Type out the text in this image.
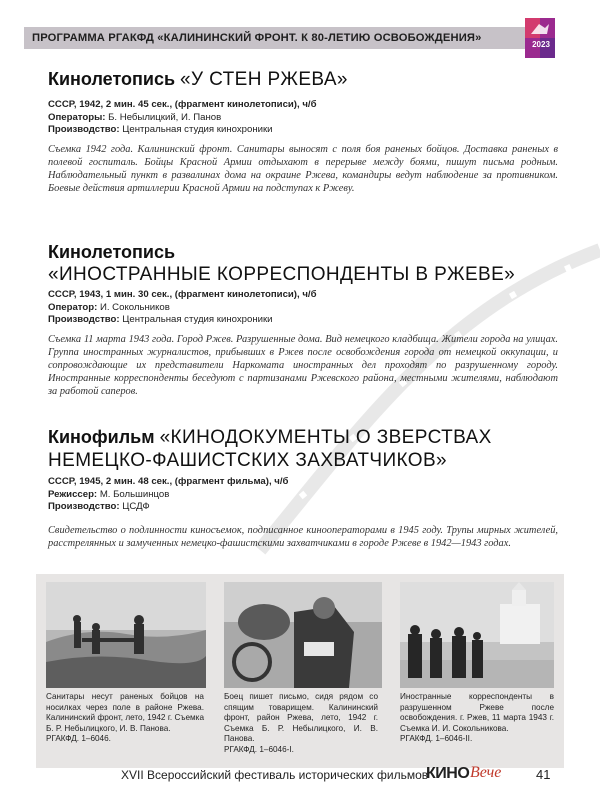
ПРОГРАММА РГАКФД «КАЛИНИНСКИЙ ФРОНТ. К 80-ЛЕТИЮ ОСВОБОЖДЕНИЯ»
2023
Кинолетопись «У СТЕН РЖЕВА»
СССР, 1942, 2 мин. 45 сек., (фрагмент кинолетописи), ч/б
Операторы: Б. Небылицкий, И. Панов
Производство: Центральная студия кинохроники
Съемка 1942 года. Калининский фронт. Санитары выносят с поля боя раненых бойцов. Доставка раненых в полевой госпиталь. Бойцы Красной Армии отдыхают в перерыве между боями, пишут письма родным. Наблюдательный пункт в развалинах дома на окраине Ржева, командиры ведут наблюдение за противником. Боевые действия артиллерии Красной Армии на подступах к Ржеву.
Кинолетопись
«ИНОСТРАННЫЕ КОРРЕСПОНДЕНТЫ В РЖЕВЕ»
СССР, 1943, 1 мин. 30 сек., (фрагмент кинолетописи), ч/б
Оператор: И. Сокольников
Производство: Центральная студия кинохроники
Съемка 11 марта 1943 года. Город Ржев. Разрушенные дома. Вид немецкого кладбища. Жители города на улицах. Группа иностранных журналистов, прибывших в Ржев после освобождения города от немецкой оккупации, и сопровождающие их представители Наркомата иностранных дел проходят по разрушенному городу. Иностранные корреспонденты беседуют с партизанами Ржевского района, местными жителями, наблюдают за работой саперов.
Кинофильм «КИНОДОКУМЕНТЫ О ЗВЕРСТВАХ
НЕМЕЦКО-ФАШИСТСКИХ ЗАХВАТЧИКОВ»
СССР, 1945, 2 мин. 48 сек., (фрагмент фильма), ч/б
Режиссер: М. Большинцов
Производство: ЦСДФ
Свидетельство о подлинности киносъемок, подписанное кинооператорами в 1945 году. Трупы мирных жителей, расстрелянных и замученных немецко-фашистскими захватчиками в городе Ржеве в 1942—1943 годах.
Санитары несут раненых бойцов на носилках через поле в районе Ржева. Калининский фронт, лето, 1942 г. Съемка Б. Р. Небылицкого, И. В. Панова.
РГАКФД. 1–6046.
Боец пишет письмо, сидя рядом со спящим товарищем. Калининский фронт, район Ржева, лето, 1942 г. Съемка Б. Р. Небылицкого, И. В. Панова.
РГАКФД. 1–6046-I.
Иностранные корреспонденты в разрушенном Ржеве после освобождения. г. Ржев, 11 марта 1943 г. Съемка И. И. Сокольникова.
РГАКФД. 1–6046-II.
XVII Всероссийский фестиваль исторических фильмов
КИНО Вече	41
